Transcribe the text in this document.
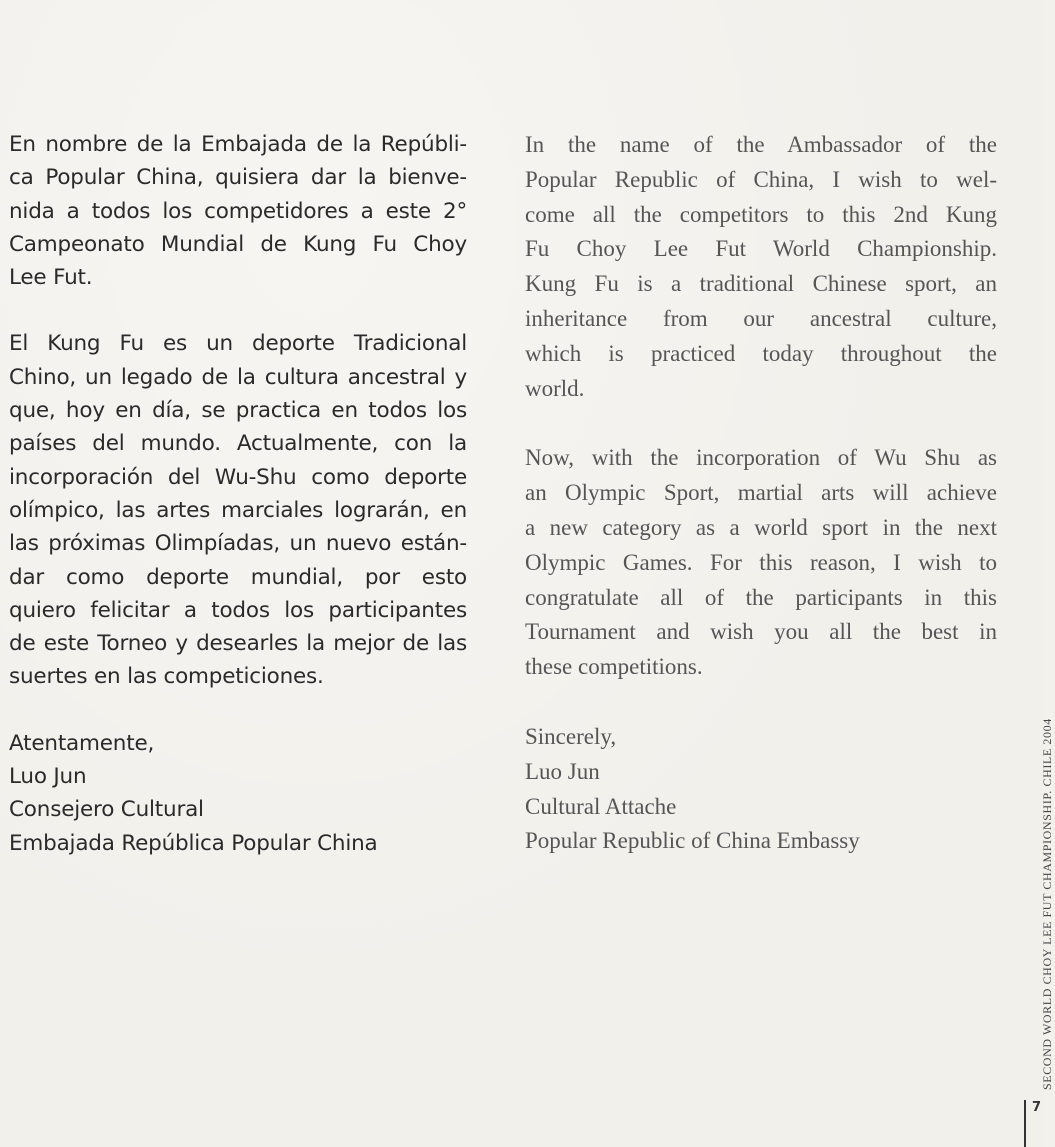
En nombre de la Embajada de la Repúbli-
ca Popular China, quisiera dar la bienve-
nida a todos los competidores a este 2°
Campeonato Mundial de Kung Fu Choy
Lee Fut.
El Kung Fu es un deporte Tradicional
Chino, un legado de la cultura ancestral y
que, hoy en día, se practica en todos los
países del mundo. Actualmente, con la
incorporación del Wu-Shu como deporte
olímpico, las artes marciales lograrán, en
las próximas Olimpíadas, un nuevo están-
dar como deporte mundial, por esto
quiero felicitar a todos los participantes
de este Torneo y desearles la mejor de las
suertes en las competiciones.
Atentamente,
Luo Jun
Consejero Cultural
Embajada República Popular China
In the name of the Ambassador of the
Popular Republic of China, I wish to wel-
come all the competitors to this 2nd Kung
Fu Choy Lee Fut World Championship.
Kung Fu is a traditional Chinese sport, an
inheritance from our ancestral culture,
which is practiced today throughout the
world.
Now, with the incorporation of Wu Shu as
an Olympic Sport, martial arts will achieve
a new category as a world sport in the next
Olympic Games. For this reason, I wish to
congratulate all of the participants in this
Tournament and wish you all the best in
these competitions.
Sincerely,
Luo Jun
Cultural Attache
Popular Republic of China Embassy	SECOND WORLD CHOY LEE FUT CHAMPIONSHIP. CHILE 2004
7
